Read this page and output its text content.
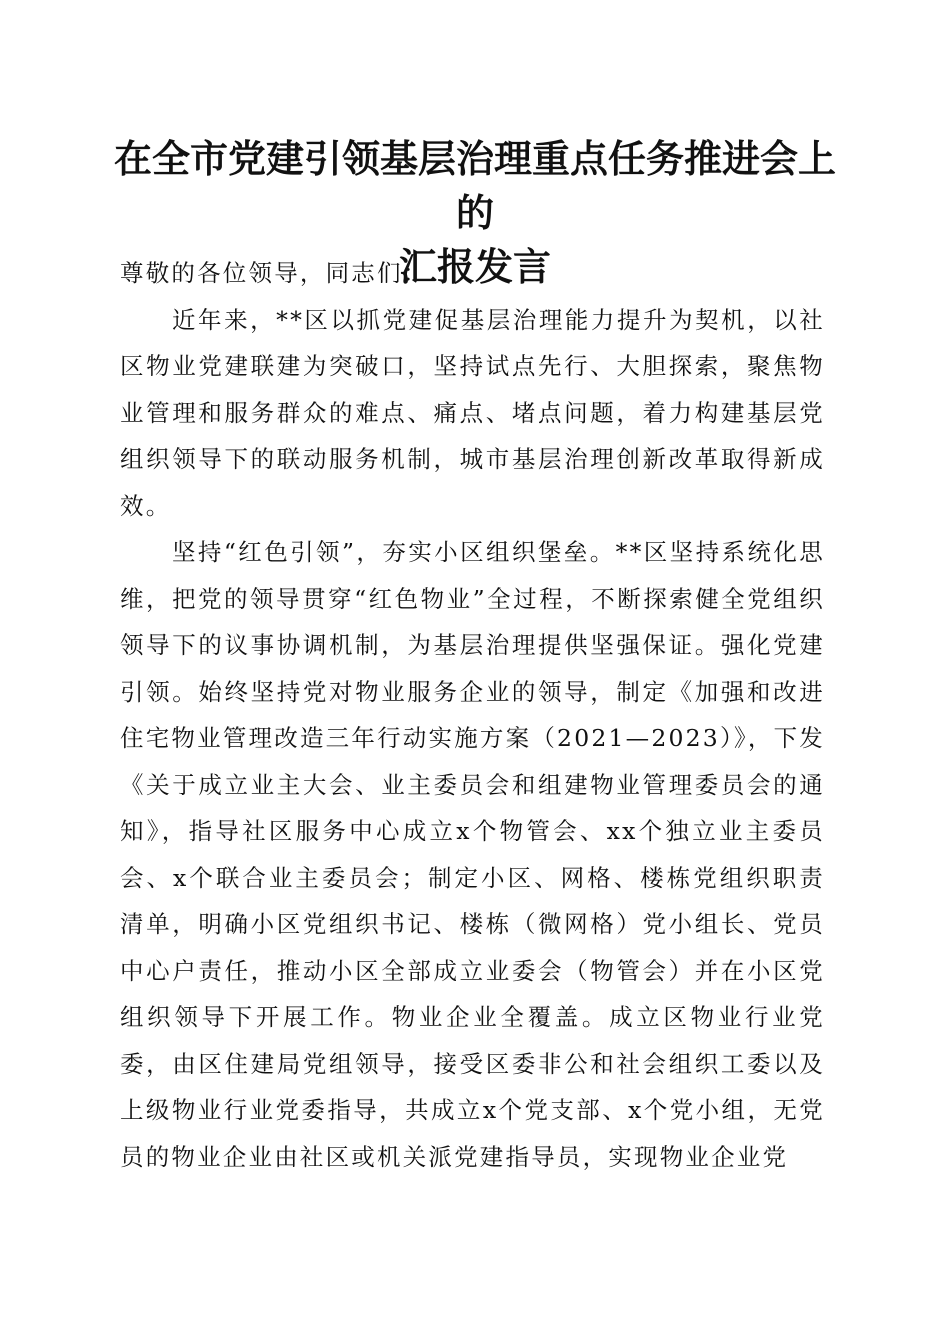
在全市党建引领基层治理重点任务推进会上的
汇报发言

尊敬的各位领导，同志们：

近年来，**区以抓党建促基层治理能力提升为契机，以社区物业党建联建为突破口，坚持试点先行、大胆探索，聚焦物业管理和服务群众的难点、痛点、堵点问题，着力构建基层党组织领导下的联动服务机制，城市基层治理创新改革取得新成效。

坚持“红色引领”，夯实小区组织堡垒。**区坚持系统化思维，把党的领导贯穿“红色物业”全过程，不断探索健全党组织领导下的议事协调机制，为基层治理提供坚强保证。强化党建引领。始终坚持党对物业服务企业的领导，制定《加强和改进住宅物业管理改造三年行动实施方案（2021—2023）》，下发《关于成立业主大会、业主委员会和组建物业管理委员会的通知》，指导社区服务中心成立x个物管会、xx个独立业主委员会、x个联合业主委员会；制定小区、网格、楼栋党组织职责清单，明确小区党组织书记、楼栋（微网格）党小组长、党员中心户责任，推动小区全部成立业委会（物管会）并在小区党组织领导下开展工作。物业企业全覆盖。成立区物业行业党委，由区住建局党组领导，接受区委非公和社会组织工委以及上级物业行业党委指导，共成立x个党支部、x个党小组，无党员的物业企业由社区或机关派党建指导员，实现物业企业党
